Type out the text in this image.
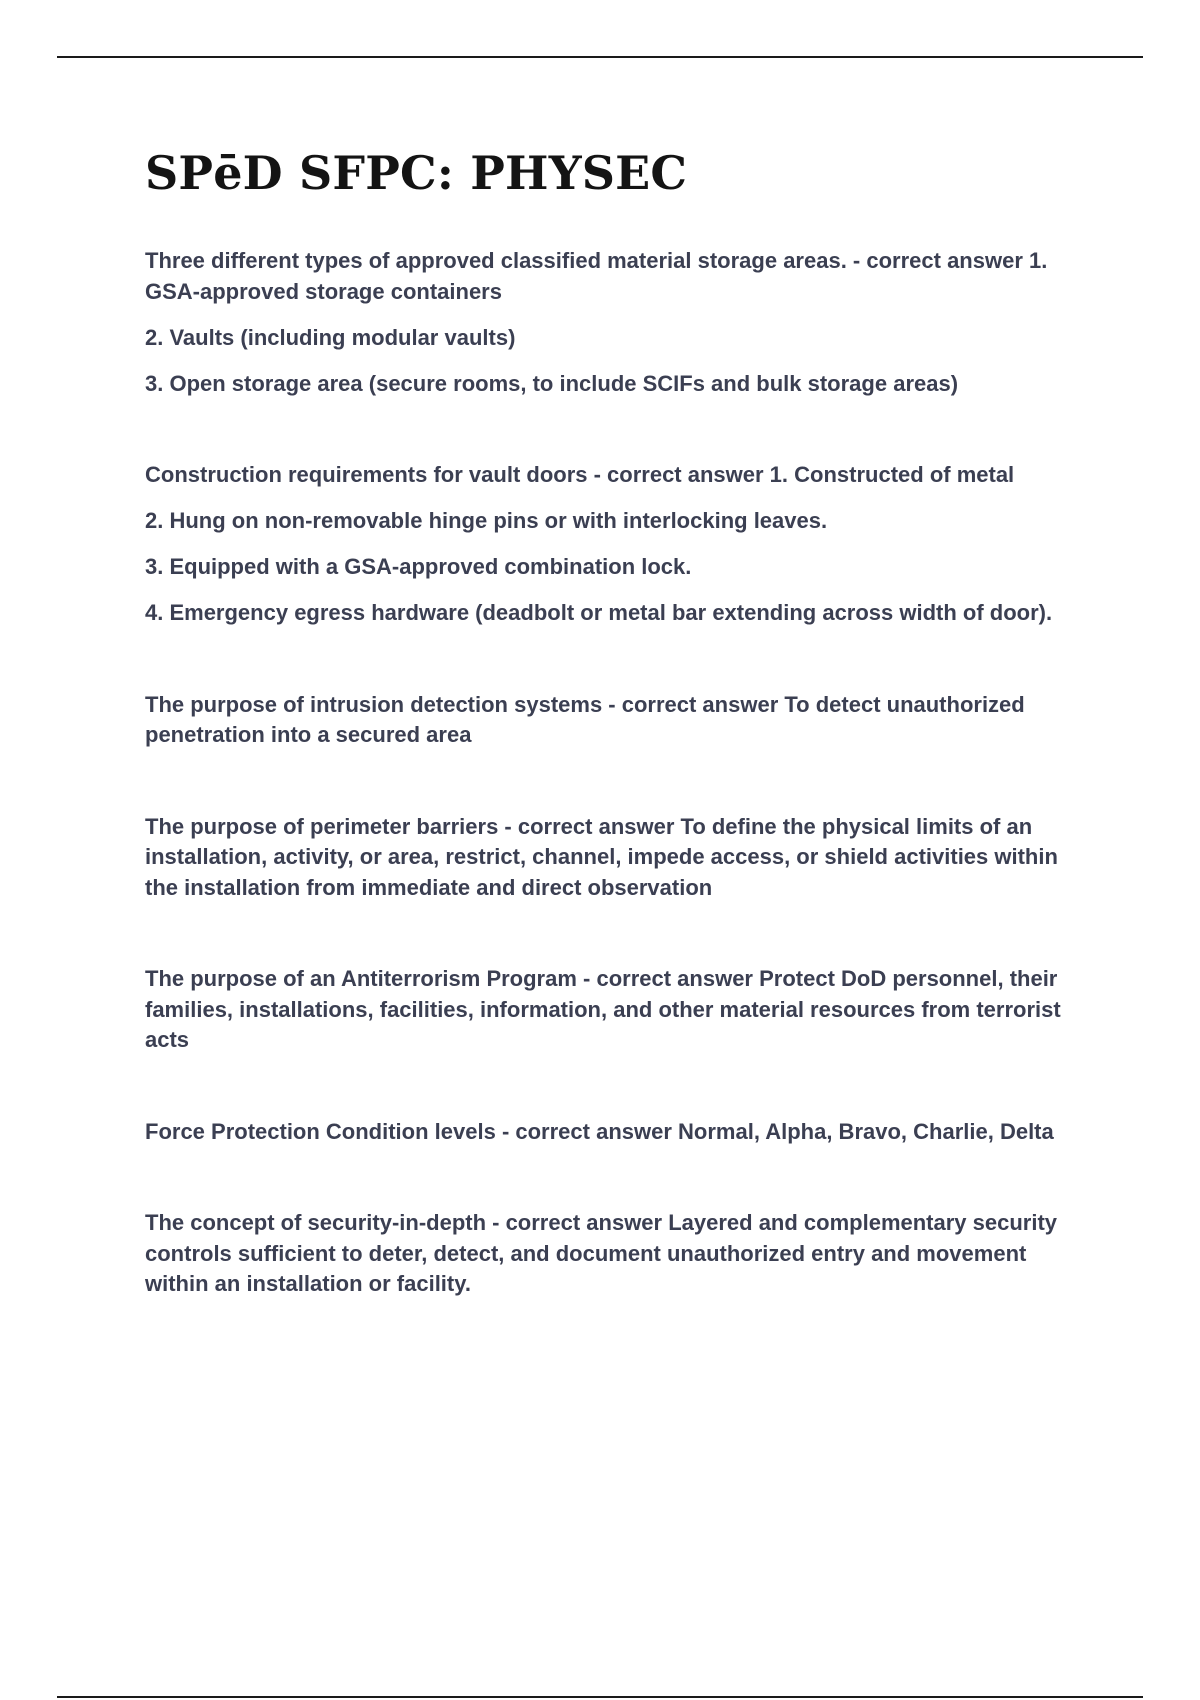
SPēD SFPC: PHYSEC

Three different types of approved classified material storage areas. - correct answer 1. GSA-approved storage containers

2. Vaults (including modular vaults)

3. Open storage area (secure rooms, to include SCIFs and bulk storage areas)

Construction requirements for vault doors - correct answer 1. Constructed of metal

2. Hung on non-removable hinge pins or with interlocking leaves.

3. Equipped with a GSA-approved combination lock.

4. Emergency egress hardware (deadbolt or metal bar extending across width of door).

The purpose of intrusion detection systems - correct answer To detect unauthorized penetration into a secured area

The purpose of perimeter barriers - correct answer To define the physical limits of an installation, activity, or area, restrict, channel, impede access, or shield activities within the installation from immediate and direct observation

The purpose of an Antiterrorism Program - correct answer Protect DoD personnel, their families, installations, facilities, information, and other material resources from terrorist acts

Force Protection Condition levels - correct answer Normal, Alpha, Bravo, Charlie, Delta

The concept of security-in-depth - correct answer Layered and complementary security controls sufficient to deter, detect, and document unauthorized entry and movement within an installation or facility.
